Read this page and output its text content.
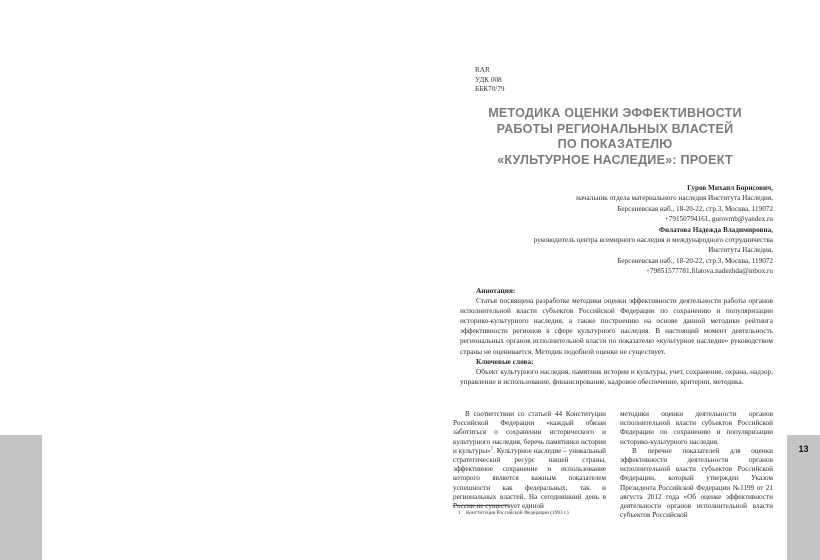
13
RAR
УДК 008
ББК70/79
МЕТОДИКА ОЦЕНКИ ЭФФЕКТИВНОСТИ
РАБОТЫ РЕГИОНАЛЬНЫХ ВЛАСТЕЙ
ПО ПОКАЗАТЕЛЮ
«КУЛЬТУРНОЕ НАСЛЕДИЕ»: ПРОЕКТ
Гуров Михаил Борисович,
начальник отдела материального наследия Института Наследия,
Берсеневская наб., 18-20-22, стр.3, Москва, 119072
+79150794161, gurovmb@yandex.ru
Филатова Надежда Владимировна,
руководитель центра всемирного наследия и международного сотрудничества
Института Наследия,
Берсеневская наб., 18-20-22, стр.3, Москва, 119072
+79851577781,filatova.nadezhda@inbox.ru
Аннотация:

Статья посвящена разработке методики оценки эффективности деятельности работы органов исполнительной власти субъектов Российской Федерации по сохранению и популяризации историко-культурного наследия, а также построению на основе данной методики рейтинга эффективности регионов в сфере культурного наследия. В настоящий момент деятельность региональных органов исполнительной власти по показателю «культурное наследие» руководством страны не оценивается. Методик подобной оценки не существует.

Ключевые слова:

Объект культурного наследия, памятник истории и культуры, учет, сохранение, охрана, надзор, управление и использование, финансирование, кадровое обеспечение, критерии, методика.

В соответствии со статьей 44 Конституции Российской Федерации «каждый обязан заботиться о сохранении исторического и культурного наследия, беречь памятники истории и культуры»$^1$. Культурное наследие – уникальный стратегический ресурс нашей страны, эффективное сохранение и использование которого является важным показателем успешности как федеральных, так и региональных властей. На сегодняшний день в России не существует единой

методики оценки деятельности органов исполнительной власти субъектов Российской Федерации по сохранению и популяризации историко-культурного наследия.

В перечне показателей для оценки эффективности деятельности органов исполнительной власти субъектов Российской Федерации, который утвержден Указом Президента Российской Федерации №1199 от 21 августа 2012 года «Об оценке эффективности деятельности органов исполнительной власти субъектов Российской

1 Конституция Российской Федерации (1993 г.)
